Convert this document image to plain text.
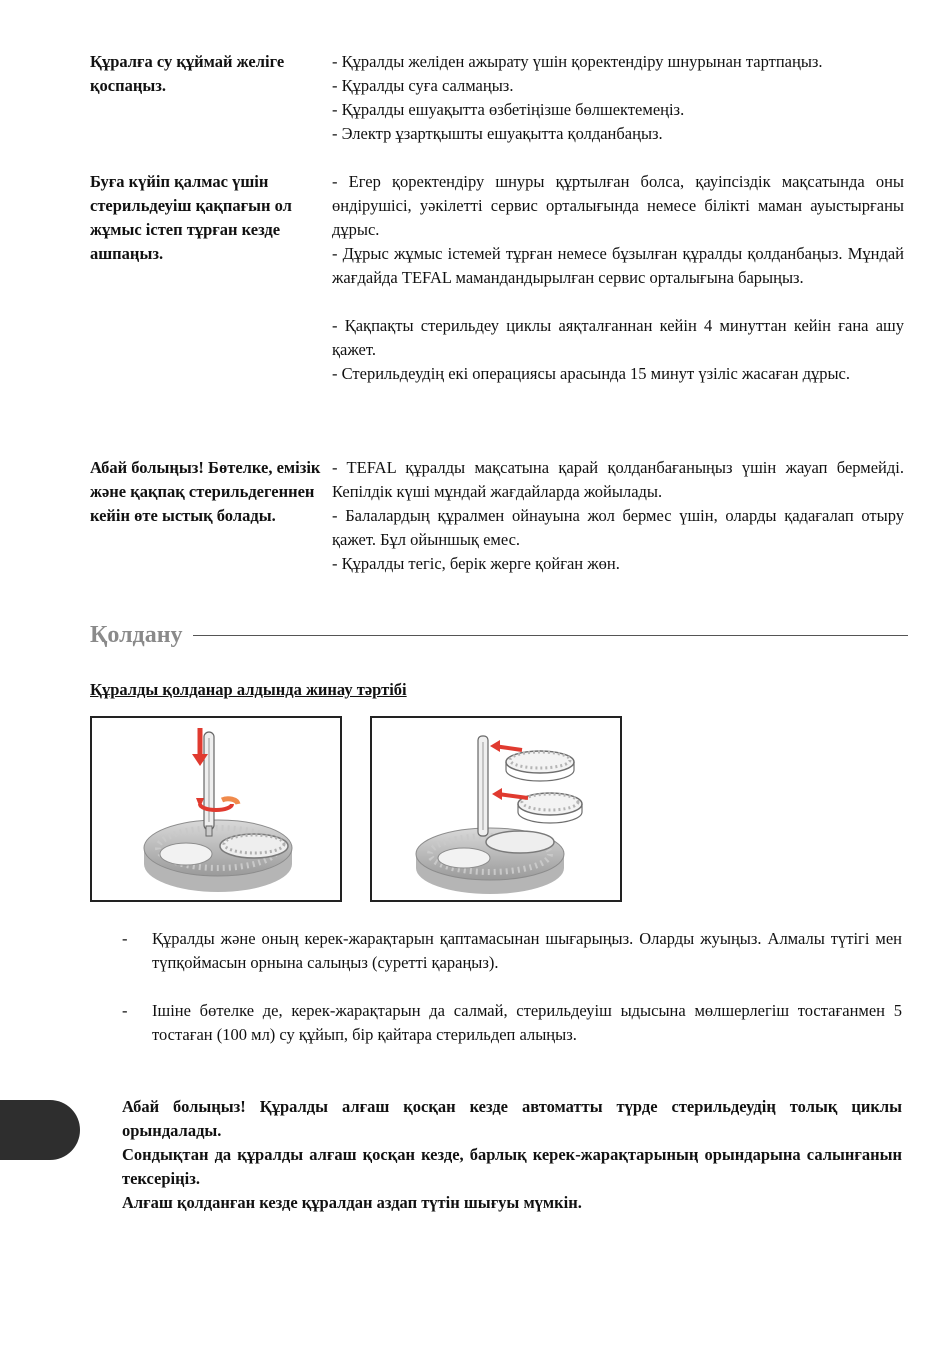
Құралға су құймай желіге қоспаңыз.

- Құралды желіден ажырату үшін қоректендіру шнурынан тартпаңыз.

- Құралды суға салмаңыз.

- Құралды ешуақытта өзбетіңізше бөлшектемеңіз.

- Электр ұзартқышты ешуақытта қолданбаңыз.

Буға күйіп қалмас үшін стерильдеуіш қақпағын ол жұмыс істеп тұрған кезде ашпаңыз.

- Егер қоректендіру шнуры құртылған болса, қауіпсіздік мақсатында оны өндірушісі, уәкілетті сервис орталығында немесе білікті маман ауыстырғаны дұрыс.

- Дұрыс жұмыс істемей тұрған немесе бұзылған құралды қолданбаңыз. Мұндай жағдайда TEFAL мамандандырылған сервис орталығына барыңыз.

- Қақпақты стерильдеу циклы аяқталғаннан кейін 4 минуттан кейін ғана ашу қажет.

- Стерильдеудің екі операциясы арасында 15 минут үзіліс жасаған дұрыс.

Абай болыңыз! Бөтелке, емізік және қақпақ стерильдегеннен кейін өте ыстық болады.

- TEFAL құралды мақсатына қарай қолданбағаныңыз үшін жауап бермейді. Кепілдік күші мұндай жағдайларда жойылады.

- Балалардың құралмен ойнауына жол бермес үшін, оларды қадағалап отыру қажет. Бұл ойыншық емес.

- Құралды тегіс, берік жерге қойған жөн.

Қолдану
Құралды қолданар алдында жинау тәртібі
-	Құралды және оның керек-жарақтарын қаптамасынан шығарыңыз. Оларды жуыңыз. Алмалы түтігі мен түпқоймасын орнына салыңыз (суретті қараңыз).

-	Ішіне бөтелке де, керек-жарақтарын да салмай, стерильдеуіш ыдысына мөлшерлегіш тостағанмен 5 тостаған (100 мл) су құйып, бір қайтара стерильдеп алыңыз.

Абай болыңыз! Құралды алғаш қосқан кезде автоматты түрде стерильдеудің толық циклы орындалады.

Сондықтан да құралды алғаш қосқан кезде, барлық керек-жарақтарының орындарына салынғанын тексеріңіз.

Алғаш қолданған кезде құралдан аздап түтін шығуы мүмкін.
